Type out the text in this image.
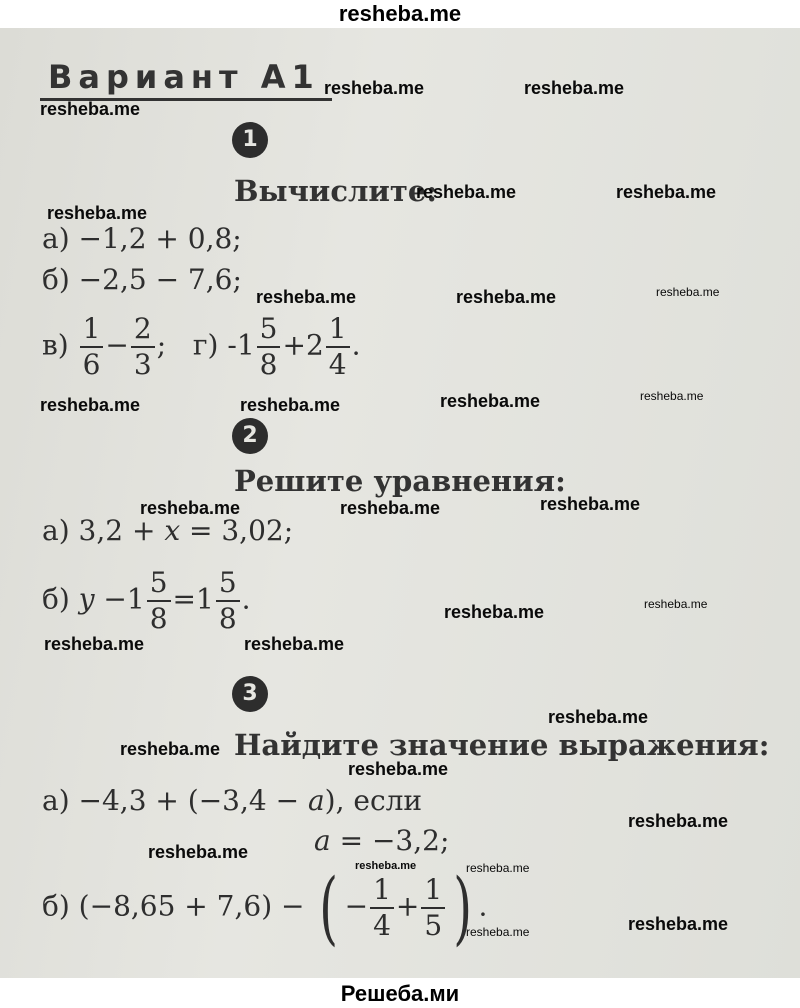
resheba.me
Вариант А1
1
Вычислите:
а) −1,2 + 0,8;
б) −2,5 − 7,6;
$в) \frac{1}{6} - \frac{2}{3}$ ; г) $-1 \frac{5}{8} +2 \frac{1}{4}$ .
2
Решите уравнения:
а) 3,2 + x = 3,02;
б) $y -1 \frac{5}{8} =1 \frac{5}{8}$ .
3
Найдите значение выражения:
а) −4,3 + (−3,4 − a), если
a = −3,2;
б) (−8,65 + 7,6) − ( − $\frac{1}{4} + \frac{1}{5}$ ) .
resheba.me	resheba.me
resheba.me
resheba.me	resheba.me
resheba.me
resheba.me	resheba.me	resheba.me
resheba.me	resheba.me	resheba.me	resheba.me
resheba.me	resheba.me	resheba.me
resheba.me	resheba.me
resheba.me	resheba.me
resheba.me
resheba.me
resheba.me
resheba.me
resheba.me
resheba.me	resheba.me
resheba.me	resheba.me
Решеба.ми
